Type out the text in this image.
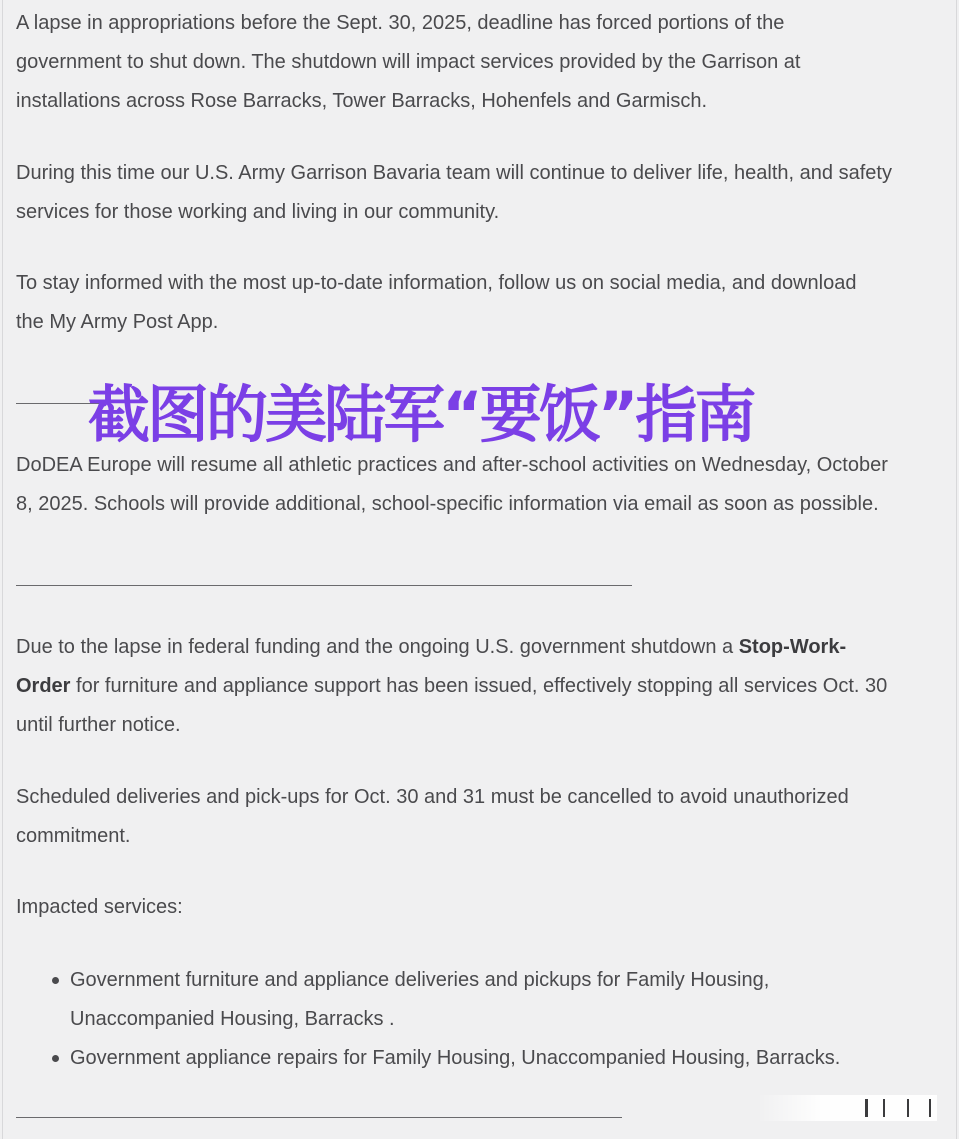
A lapse in appropriations before the Sept. 30, 2025, deadline has forced portions of the

government to shut down. The shutdown will impact services provided by the Garrison at

installations across Rose Barracks, Tower Barracks, Hohenfels and Garmisch.

During this time our U.S. Army Garrison Bavaria team will continue to deliver life, health, and safety

services for those working and living in our community.

To stay informed with the most up-to-date information, follow us on social media, and download

the My Army Post App.

DoDEA Europe will resume all athletic practices and after-school activities on Wednesday, October

8, 2025. Schools will provide additional, school-specific information via email as soon as possible.

Due to the lapse in federal funding and the ongoing U.S. government shutdown a Stop-Work-

Order for furniture and appliance support has been issued, effectively stopping all services Oct. 30

until further notice.

Scheduled deliveries and pick-ups for Oct. 30 and 31 must be cancelled to avoid unauthorized

commitment.

Impacted services:

Government furniture and appliance deliveries and pickups for Family Housing,
Unaccompanied Housing, Barracks .
Government appliance repairs for Family Housing, Unaccompanied Housing, Barracks.
截图的美陆军“要饭”指南
